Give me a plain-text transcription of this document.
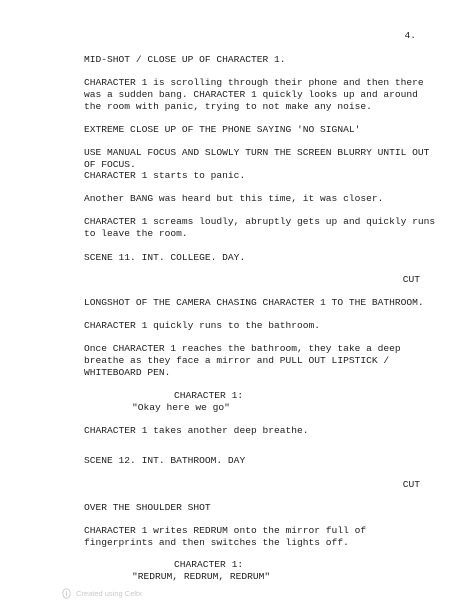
4.
MID-SHOT / CLOSE UP OF CHARACTER 1.
CHARACTER 1 is scrolling through their phone and then there
was a sudden bang. CHARACTER 1 quickly looks up and around
the room with panic, trying to not make any noise.
EXTREME CLOSE UP OF THE PHONE SAYING 'NO SIGNAL'
USE MANUAL FOCUS AND SLOWLY TURN THE SCREEN BLURRY UNTIL OUT
OF FOCUS.
CHARACTER 1 starts to panic.
Another BANG was heard but this time, it was closer.
CHARACTER 1 screams loudly, abruptly gets up and quickly runs
to leave the room.
SCENE 11. INT. COLLEGE. DAY.
CUT
LONGSHOT OF THE CAMERA CHASING CHARACTER 1 TO THE BATHROOM.
CHARACTER 1 quickly runs to the bathroom.
Once CHARACTER 1 reaches the bathroom, they take a deep
breathe as they face a mirror and PULL OUT LIPSTICK /
WHITEBOARD PEN.
CHARACTER 1:
"Okay here we go"
CHARACTER 1 takes another deep breathe.
SCENE 12. INT. BATHROOM. DAY
CUT
OVER THE SHOULDER SHOT
CHARACTER 1 writes REDRUM onto the mirror full of
fingerprints and then switches the lights off.
CHARACTER 1:
"REDRUM, REDRUM, REDRUM"
Created using Celtx
